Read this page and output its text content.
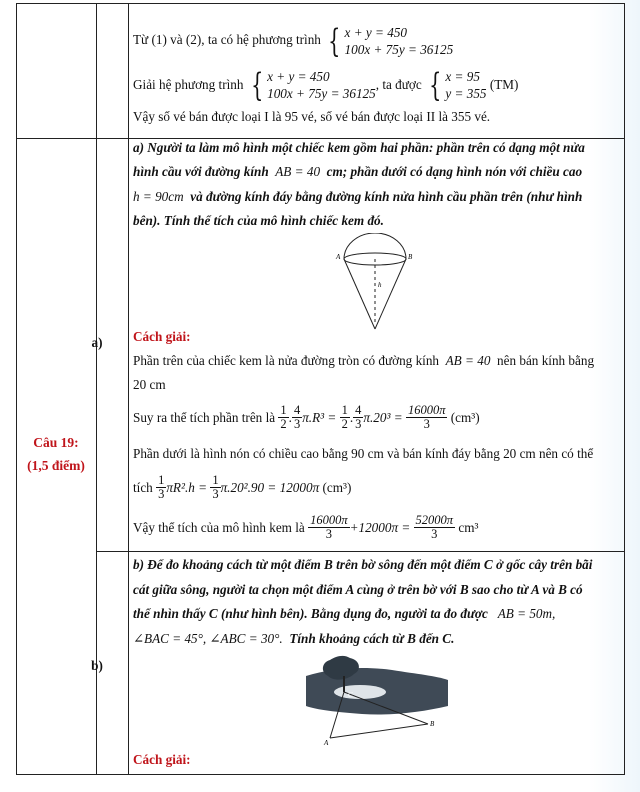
Từ (1) và (2), ta có hệ phương trình { x + y = 450
100x + 75y = 36125
Giải hệ phương trình
{ x + y = 450
100x + 75y = 36125
, ta được
{ x = 95
y = 355

(TM)
Vậy số vé bán được loại I là 95 vé, số vé bán được loại II là 355 vé.
Câu 19:
(1,5 điểm)
a)
a) Người ta làm mô hình một chiếc kem gồm hai phần: phần trên có dạng một nửa
hình cầu với đường kính AB = 40 cm; phần dưới có dạng hình nón với chiều cao
h = 90cm và đường kính đáy bằng đường kính nửa hình cầu phần trên (như hình
bên). Tính thể tích của mô hình chiếc kem đó.
A	B
h
Cách giải:
Phần trên của chiếc kem là nửa đường tròn có đường kính AB = 40 nên bán kính bằng
20 cm
Suy ra thể tích phần trên là
$\frac{1}{2}$ . $\frac{4}{3} \pi.R^3$ =
$\frac{1}{2}$ . $\frac{4}{3} \pi.20^3$ =
$\frac{16000\pi}{3}$
(cm³)
Phần dưới là hình nón có chiều cao bằng 90 cm và bán kính đáy bằng 20 cm nên có thể
tích
$\frac{1}{3} \pi R^2.h$ =
$\frac{1}{3} \pi.20^2.90 = 12000\pi$
(cm³)
Vậy thể tích của mô hình kem là
$\frac{16000\pi}{3} +12000\pi$ =
$\frac{52000\pi}{3}$
cm³
b)
b) Để đo khoảng cách từ một điểm B trên bờ sông đến một điểm C ở gốc cây trên bãi
cát giữa sông, người ta chọn một điểm A cùng ở trên bờ với B sao cho từ A và B có
thể nhìn thấy C (như hình bên). Bằng dụng đo, người ta đo được AB = 50m,
∠BAC = 45°, ∠ABC = 30°. Tính khoảng cách từ B đến C.
C
A
B
Cách giải:
